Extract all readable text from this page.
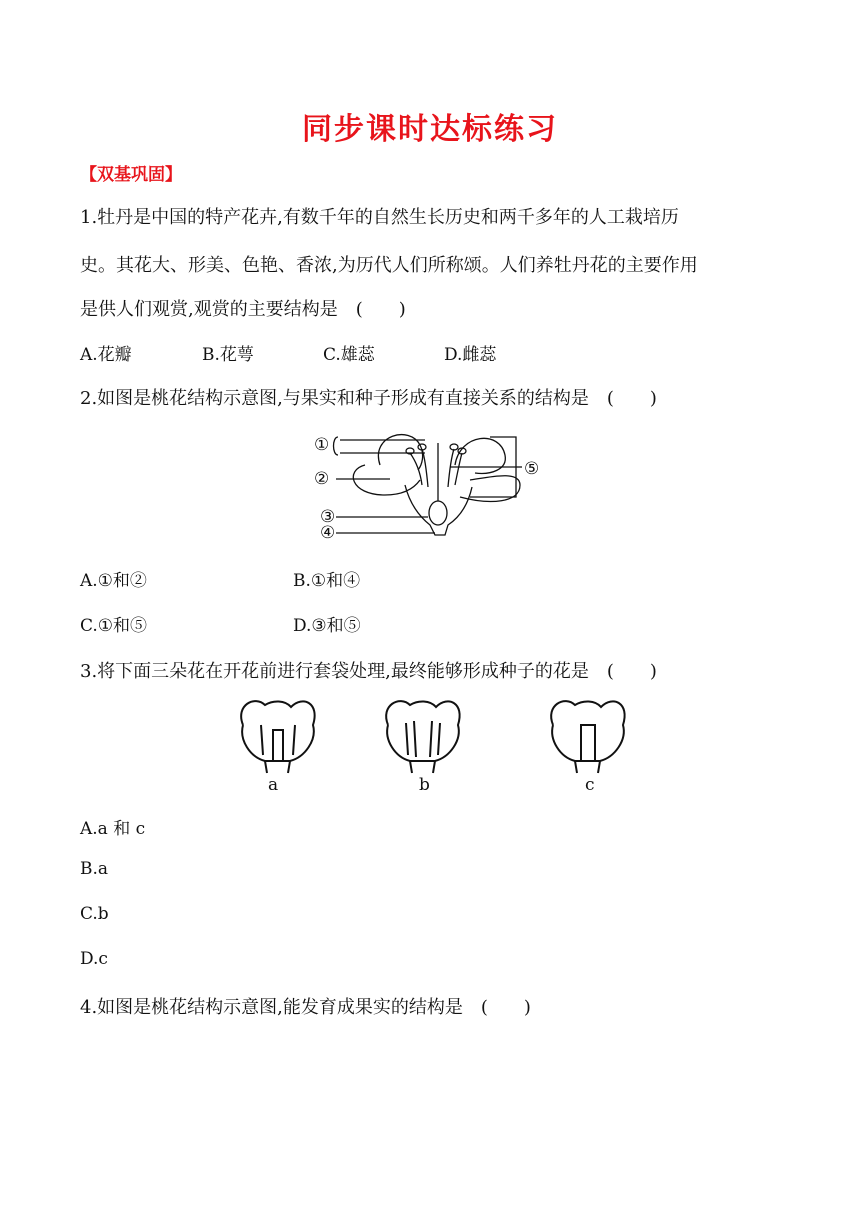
同步课时达标练习
【双基巩固】
1.牡丹是中国的特产花卉,有数千年的自然生长历史和两千多年的人工栽培历
史。其花大、形美、色艳、香浓,为历代人们所称颂。人们养牡丹花的主要作用
是供人们观赏,观赏的主要结构是　(　　)
A.花瓣	B.花萼	C.雄蕊	D.雌蕊
2.如图是桃花结构示意图,与果实和种子形成有直接关系的结构是　(　　)
①
②
③
④
⑤
A.①和②	B.①和④
C.①和⑤	D.③和⑤
3.将下面三朵花在开花前进行套袋处理,最终能够形成种子的花是　(　　)
a	b	c
A.a 和 c
B.a
C.b
D.c
4.如图是桃花结构示意图,能发育成果实的结构是　(　　)
